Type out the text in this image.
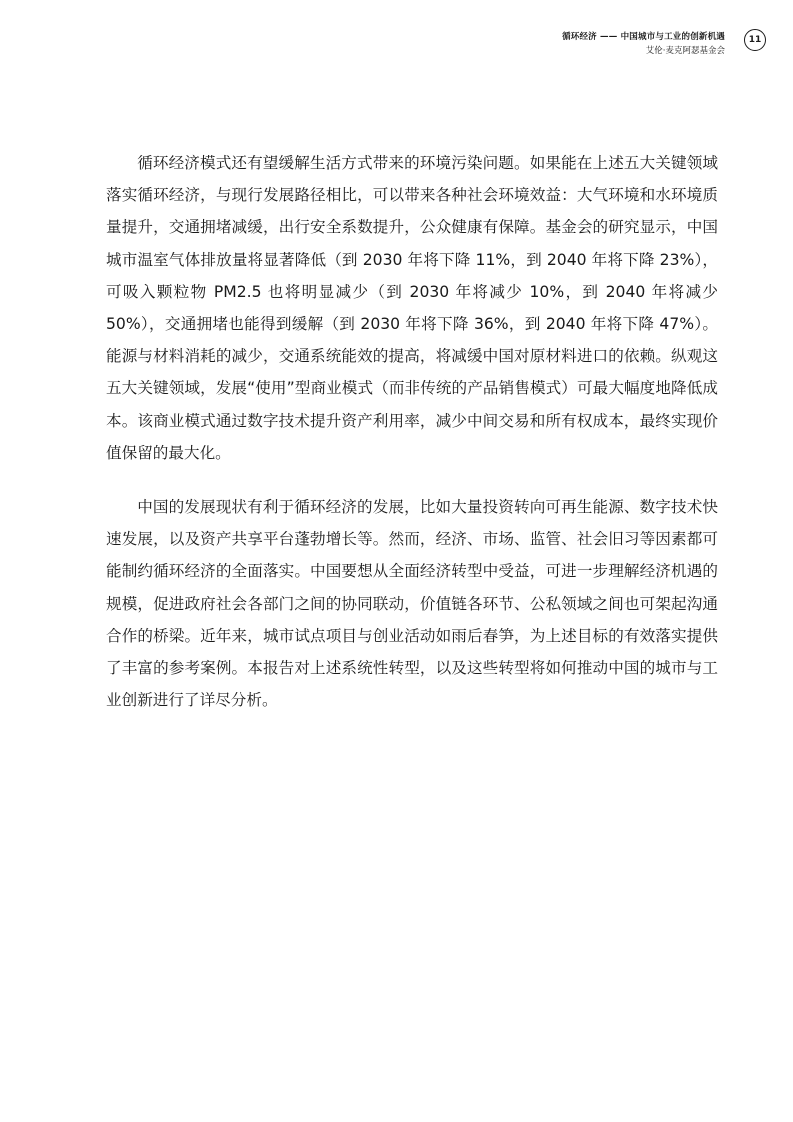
循环经济 —— 中国城市与工业的创新机遇
艾伦·麦克阿瑟基金会
11

循环经济模式还有望缓解生活方式带来的环境污染问题。如果能在上述五大关键领域落实循环经济，与现行发展路径相比，可以带来各种社会环境效益：大气环境和水环境质量提升，交通拥堵减缓，出行安全系数提升，公众健康有保障。基金会的研究显示，中国城市温室气体排放量将显著降低（到 2030 年将下降 11%，到 2040 年将下降 23%），可吸入颗粒物 PM2.5 也将明显减少（到 2030 年将减少 10%，到 2040 年将减少 50%），交通拥堵也能得到缓解（到 2030 年将下降 36%，到 2040 年将下降 47%）。能源与材料消耗的减少，交通系统能效的提高，将减缓中国对原材料进口的依赖。纵观这五大关键领域，发展“使用”型商业模式（而非传统的产品销售模式）可最大幅度地降低成本。该商业模式通过数字技术提升资产利用率，减少中间交易和所有权成本，最终实现价值保留的最大化。

中国的发展现状有利于循环经济的发展，比如大量投资转向可再生能源、数字技术快速发展，以及资产共享平台蓬勃增长等。然而，经济、市场、监管、社会旧习等因素都可能制约循环经济的全面落实。中国要想从全面经济转型中受益，可进一步理解经济机遇的规模，促进政府社会各部门之间的协同联动，价值链各环节、公私领域之间也可架起沟通合作的桥梁。近年来，城市试点项目与创业活动如雨后春笋，为上述目标的有效落实提供了丰富的参考案例。本报告对上述系统性转型，以及这些转型将如何推动中国的城市与工业创新进行了详尽分析。
